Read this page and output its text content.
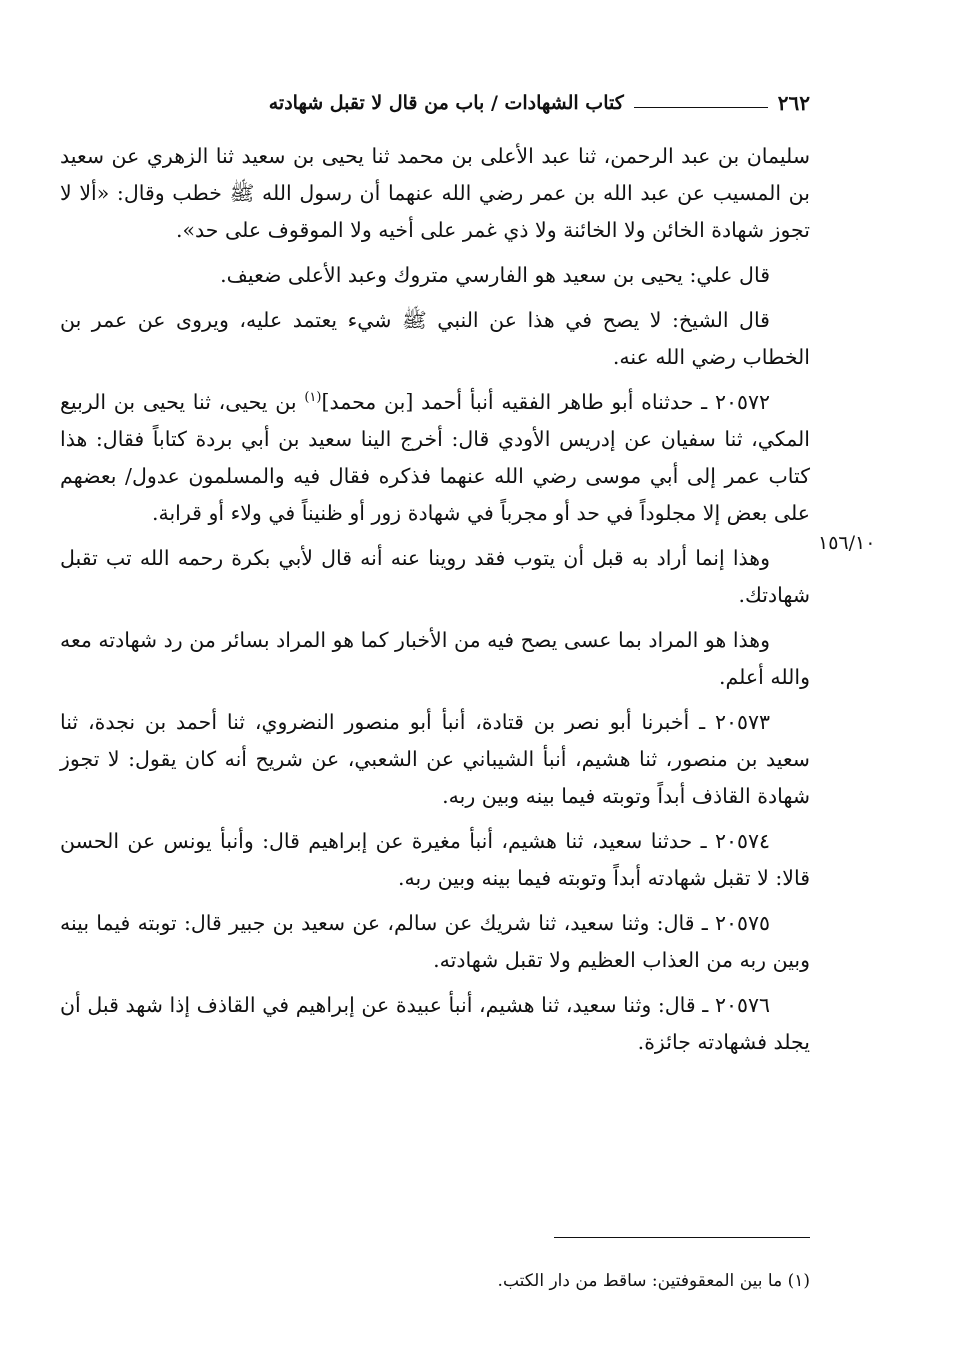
٢٦٢
كتاب الشهادات / باب من قال لا تقبل شهادته

سليمان بن عبد الرحمن، ثنا عبد الأعلى بن محمد ثنا يحيى بن سعيد ثنا الزهري عن سعيد بن المسيب عن عبد الله بن عمر رضي الله عنهما أن رسول الله ﷺ خطب وقال: «ألا لا تجوز شهادة الخائن ولا الخائنة ولا ذي غمر على أخيه ولا الموقوف على حد».

قال علي: يحيى بن سعيد هو الفارسي متروك وعبد الأعلى ضعيف.

قال الشيخ: لا يصح في هذا عن النبي ﷺ شيء يعتمد عليه، ويروى عن عمر بن الخطاب رضي الله عنه.

٢٠٥٧٢ ـ حدثناه أبو طاهر الفقيه أنبأ أحمد [بن محمد]$^{(١)}$ بن يحيى، ثنا يحيى بن الربيع المكي، ثنا سفيان عن إدريس الأودي قال: أخرج الينا سعيد بن أبي بردة كتاباً فقال: هذا كتاب عمر إلى أبي موسى رضي الله عنهما فذكره فقال فيه والمسلمون عدول/ بعضهم على بعض إلا مجلوداً في حد أو مجرباً في شهادة زور أو ظنيناً في ولاء أو قرابة.

وهذا إنما أراد به قبل أن يتوب فقد روينا عنه أنه قال لأبي بكرة رحمه الله تب تقبل شهادتك.

وهذا هو المراد بما عسى يصح فيه من الأخبار كما هو المراد بسائر من رد شهادته معه والله أعلم.

٢٠٥٧٣ ـ أخبرنا أبو نصر بن قتادة، أنبأ أبو منصور النضروي، ثنا أحمد بن نجدة، ثنا سعيد بن منصور، ثنا هشيم، أنبأ الشيباني عن الشعبي، عن شريح أنه كان يقول: لا تجوز شهادة القاذف أبداً وتوبته فيما بينه وبين ربه.

٢٠٥٧٤ ـ حدثنا سعيد، ثنا هشيم، أنبأ مغيرة عن إبراهيم قال: وأنبأ يونس عن الحسن قالا: لا تقبل شهادته أبداً وتوبته فيما بينه وبين ربه.

٢٠٥٧٥ ـ قال: وثنا سعيد، ثنا شريك عن سالم، عن سعيد بن جبير قال: توبته فيما بينه وبين ربه من العذاب العظيم ولا تقبل شهادته.

٢٠٥٧٦ ـ قال: وثنا سعيد، ثنا هشيم، أنبأ عبيدة عن إبراهيم في القاذف إذا شهد قبل أن يجلد فشهادته جائزة.

١٥٦/١٠
(١) ما بين المعقوفتين: ساقط من دار الكتب.
